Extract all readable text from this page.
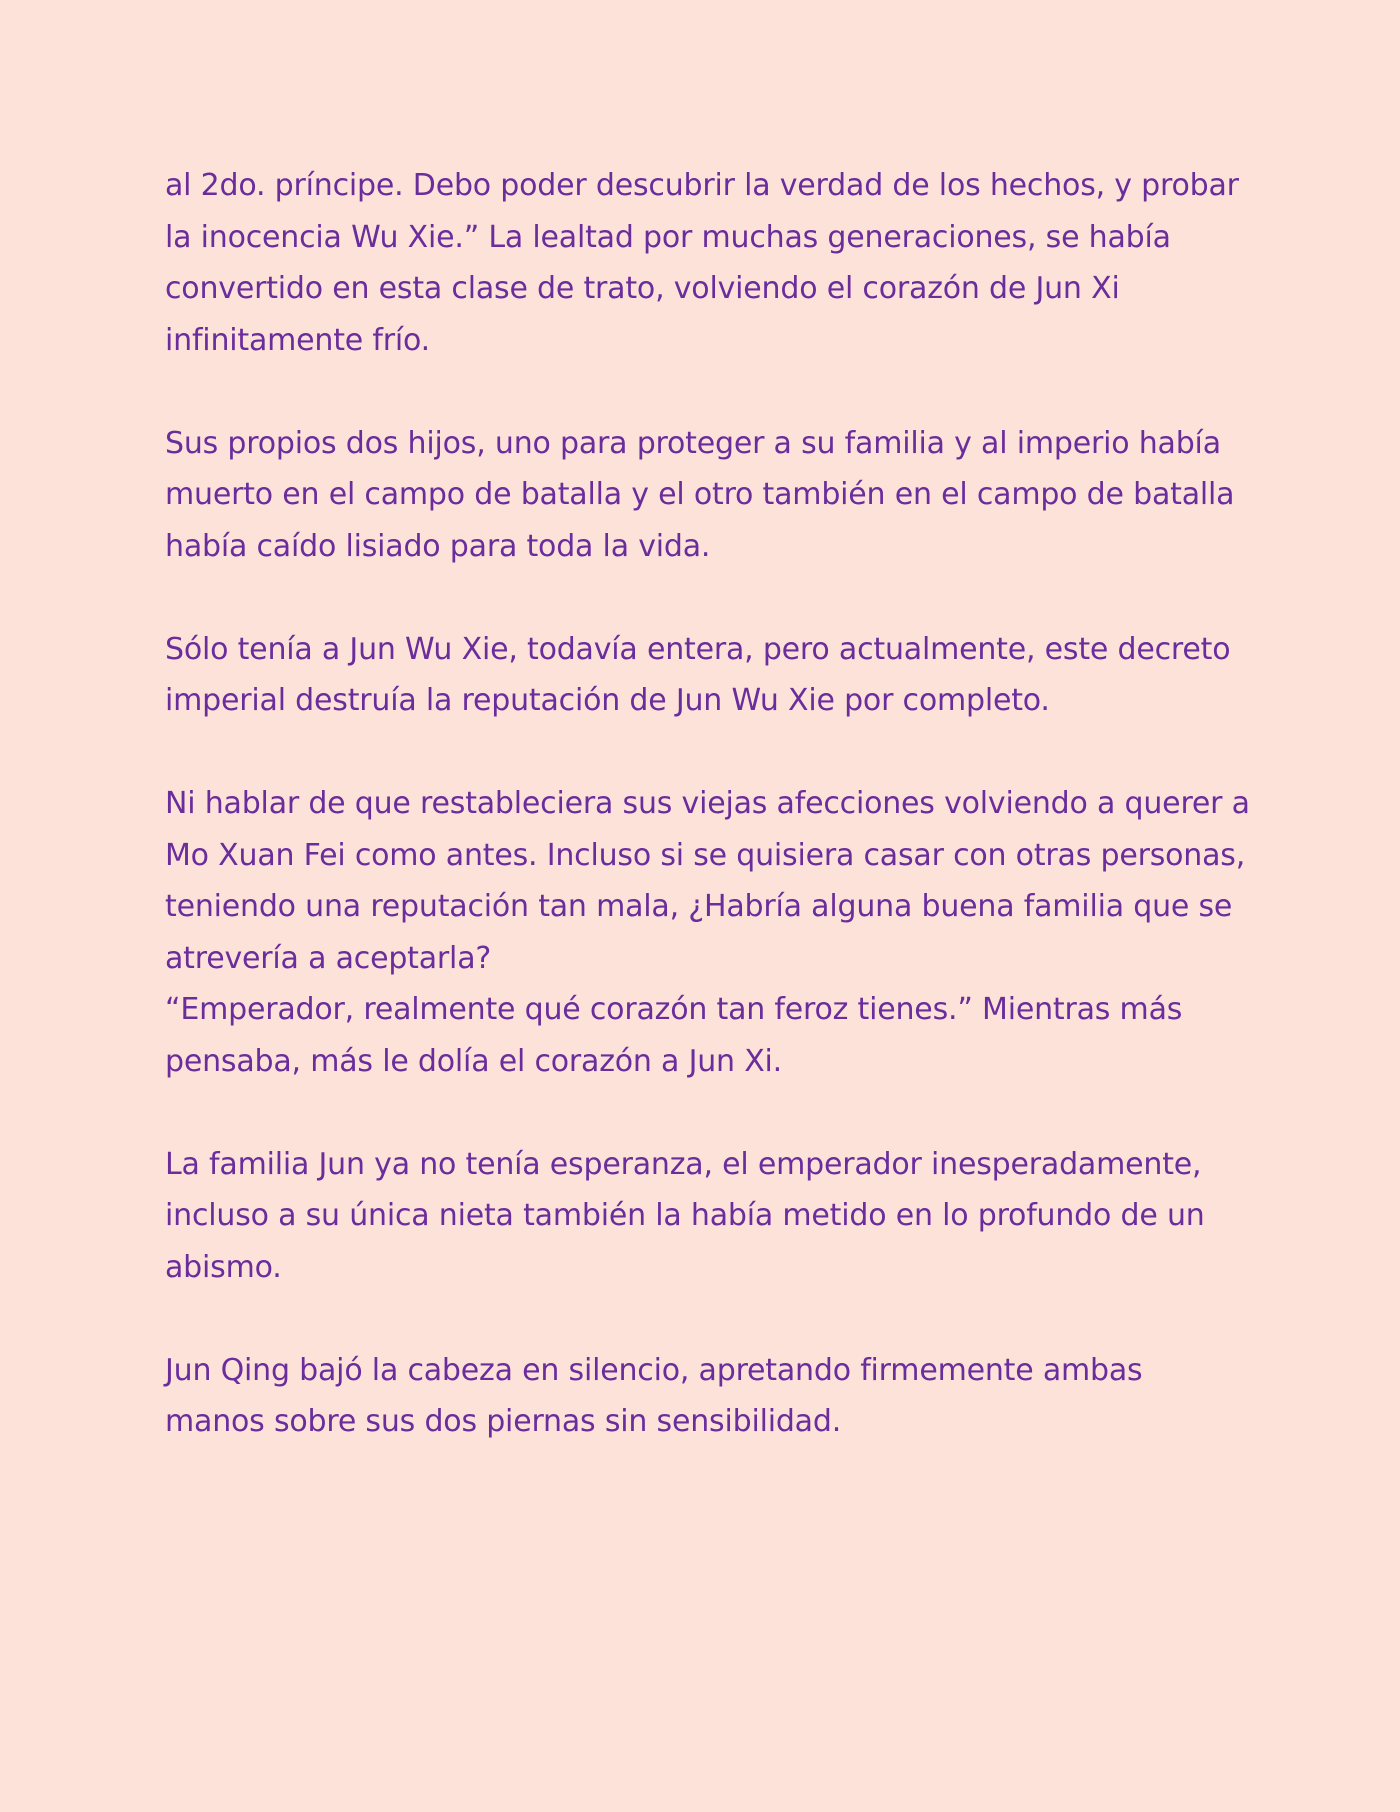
al 2do. príncipe. Debo poder descubrir la verdad de los hechos, y probar
la inocencia Wu Xie.” La lealtad por muchas generaciones, se había
convertido en esta clase de trato, volviendo el corazón de Jun Xi
infinitamente frío.

Sus propios dos hijos, uno para proteger a su familia y al imperio había
muerto en el campo de batalla y el otro también en el campo de batalla
había caído lisiado para toda la vida.

Sólo tenía a Jun Wu Xie, todavía entera, pero actualmente, este decreto
imperial destruía la reputación de Jun Wu Xie por completo.

Ni hablar de que restableciera sus viejas afecciones volviendo a querer a
Mo Xuan Fei como antes. Incluso si se quisiera casar con otras personas,
teniendo una reputación tan mala, ¿Habría alguna buena familia que se
atrevería a aceptarla?
“Emperador, realmente qué corazón tan feroz tienes.” Mientras más
pensaba, más le dolía el corazón a Jun Xi.

La familia Jun ya no tenía esperanza, el emperador inesperadamente,
incluso a su única nieta también la había metido en lo profundo de un
abismo.

Jun Qing bajó la cabeza en silencio, apretando firmemente ambas
manos sobre sus dos piernas sin sensibilidad.
